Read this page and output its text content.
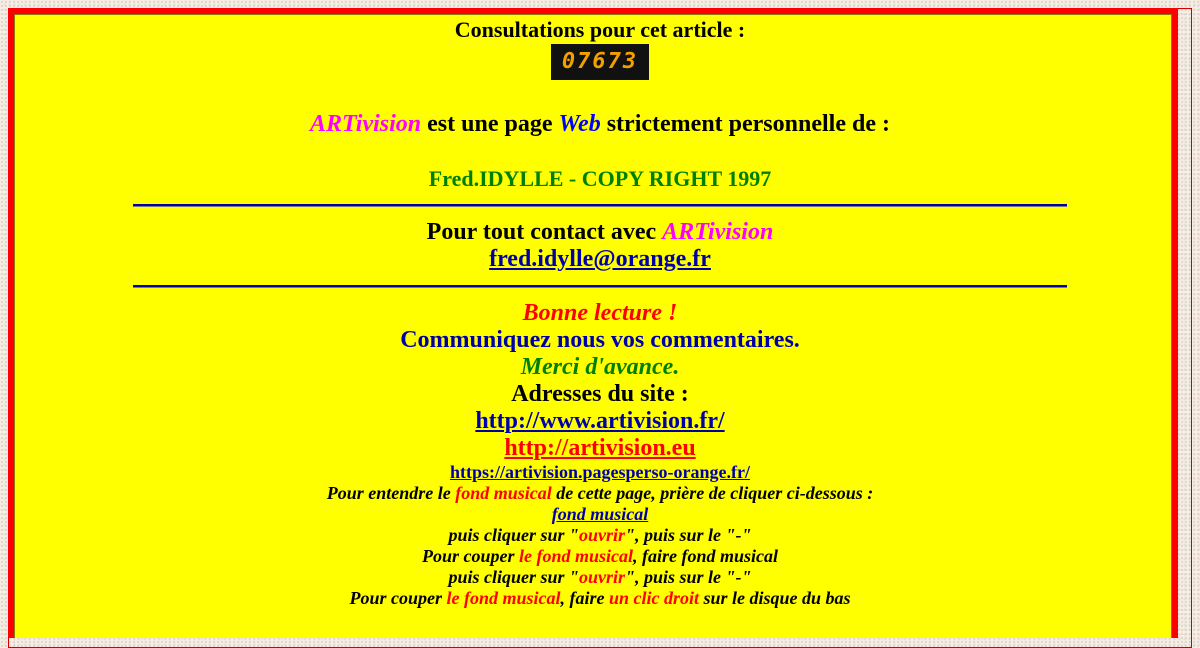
Consultations pour cet article :
07673
ARTivision est une page Web strictement personnelle de :
Fred.IDYLLE - COPY RIGHT 1997
Pour tout contact avec ARTivision
fred.idylle@orange.fr
Bonne lecture !
Communiquez nous vos commentaires.
Merci d'avance.
Adresses du site :
http://www.artivision.fr/
http://artivision.eu
https://artivision.pagesperso-orange.fr/
Pour entendre le fond musical de cette page, prière de cliquer ci-dessous :
fond musical
puis cliquer sur "ouvrir", puis sur le "-"
Pour couper le fond musical, faire fond musical
puis cliquer sur "ouvrir", puis sur le "-"
Pour couper le fond musical, faire un clic droit sur le disque du bas
